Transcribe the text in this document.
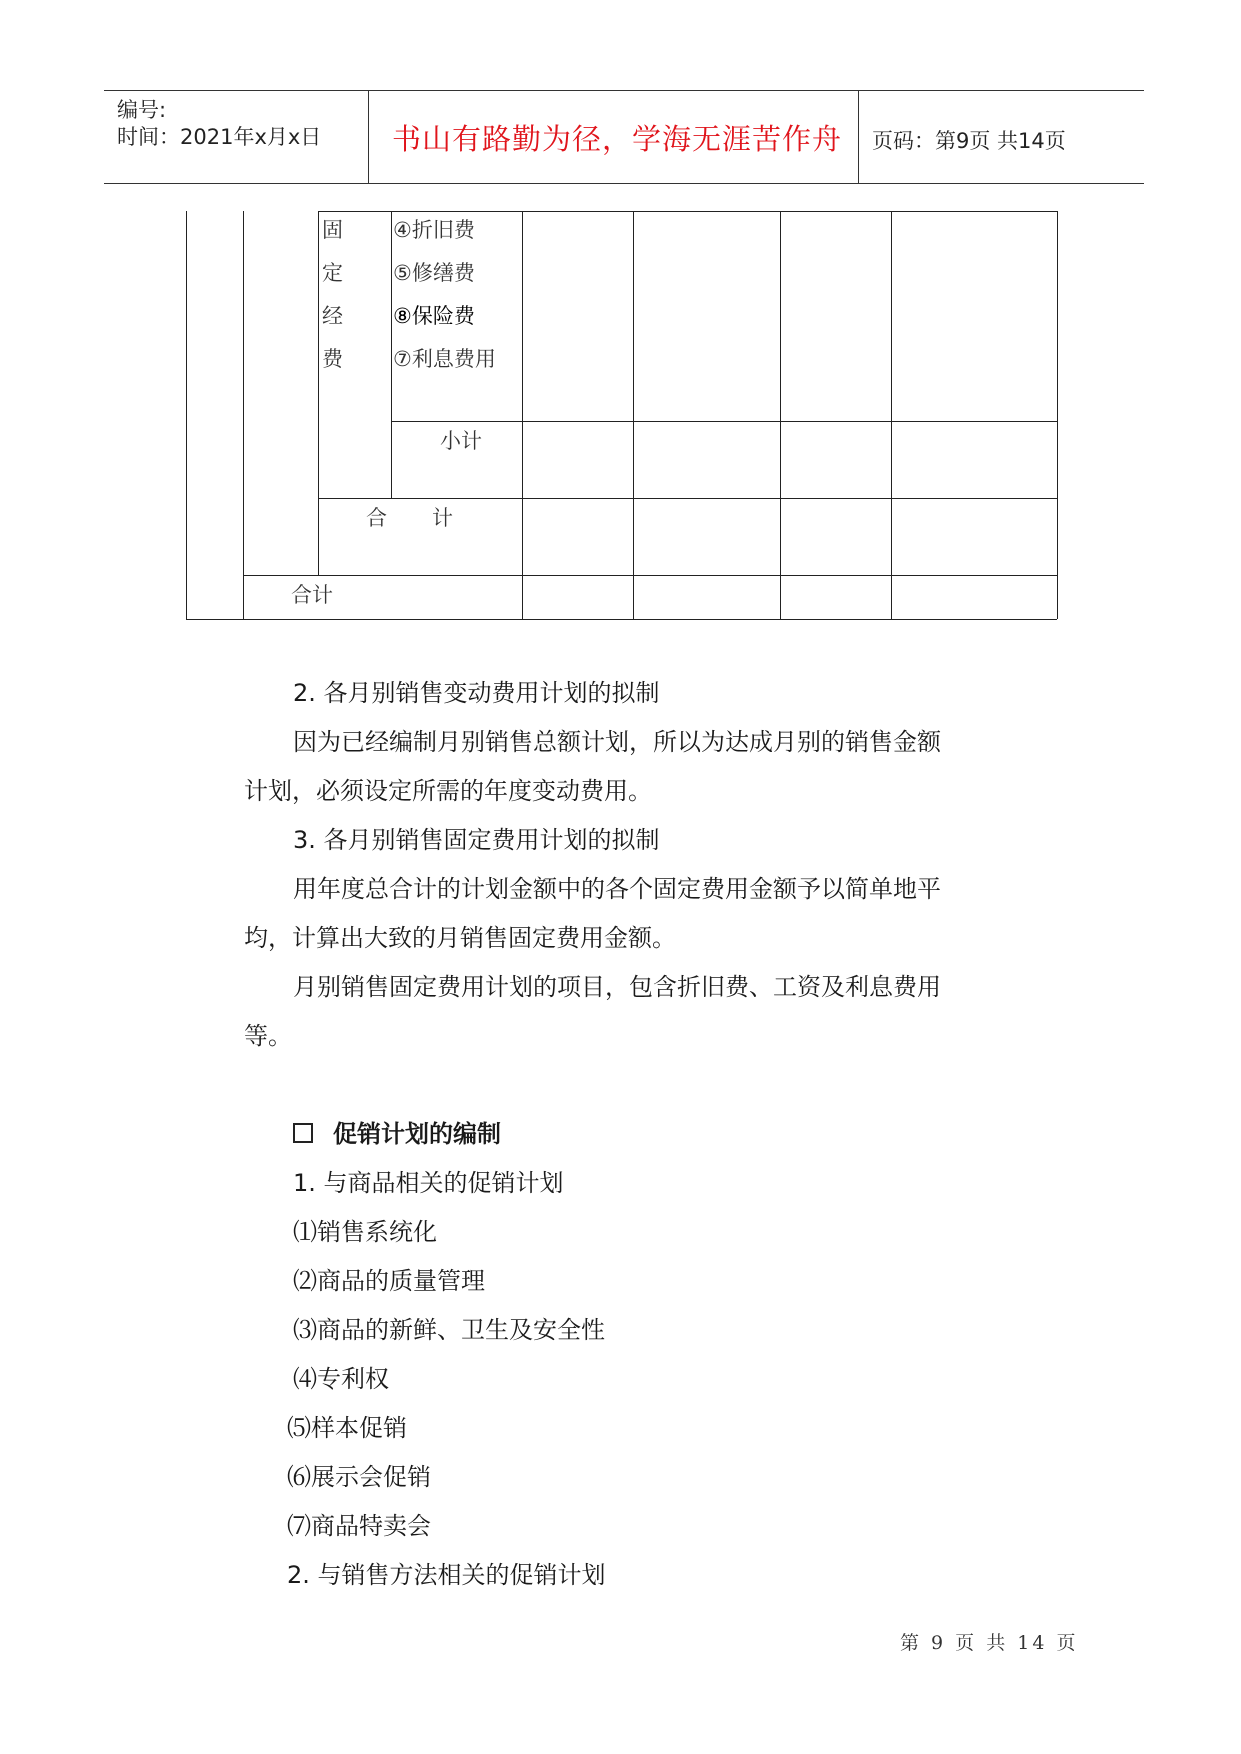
编号:
时间：2021年x月x日 书山有路勤为径，学海无涯苦作舟 页码：第9页 共14页
固
定
经
费
④折旧费
⑤修缮费
⑧保险费
⑦利息费用
小计
合 计
合计
2. 各月别销售变动费用计划的拟制
因为已经编制月别销售总额计划，所以为达成月别的销售金额
计划，必须设定所需的年度变动费用。
3. 各月别销售固定费用计划的拟制
用年度总合计的计划金额中的各个固定费用金额予以简单地平
均，计算出大致的月销售固定费用金额。
月别销售固定费用计划的项目，包含折旧费、工资及利息费用
等。
促销计划的编制
1. 与商品相关的促销计划
⑴销售系统化
⑵商品的质量管理
⑶商品的新鲜、卫生及安全性
⑷专利权
⑸样本促销
⑹展示会促销
⑺商品特卖会
2. 与销售方法相关的促销计划
第 9 页 共 14 页
